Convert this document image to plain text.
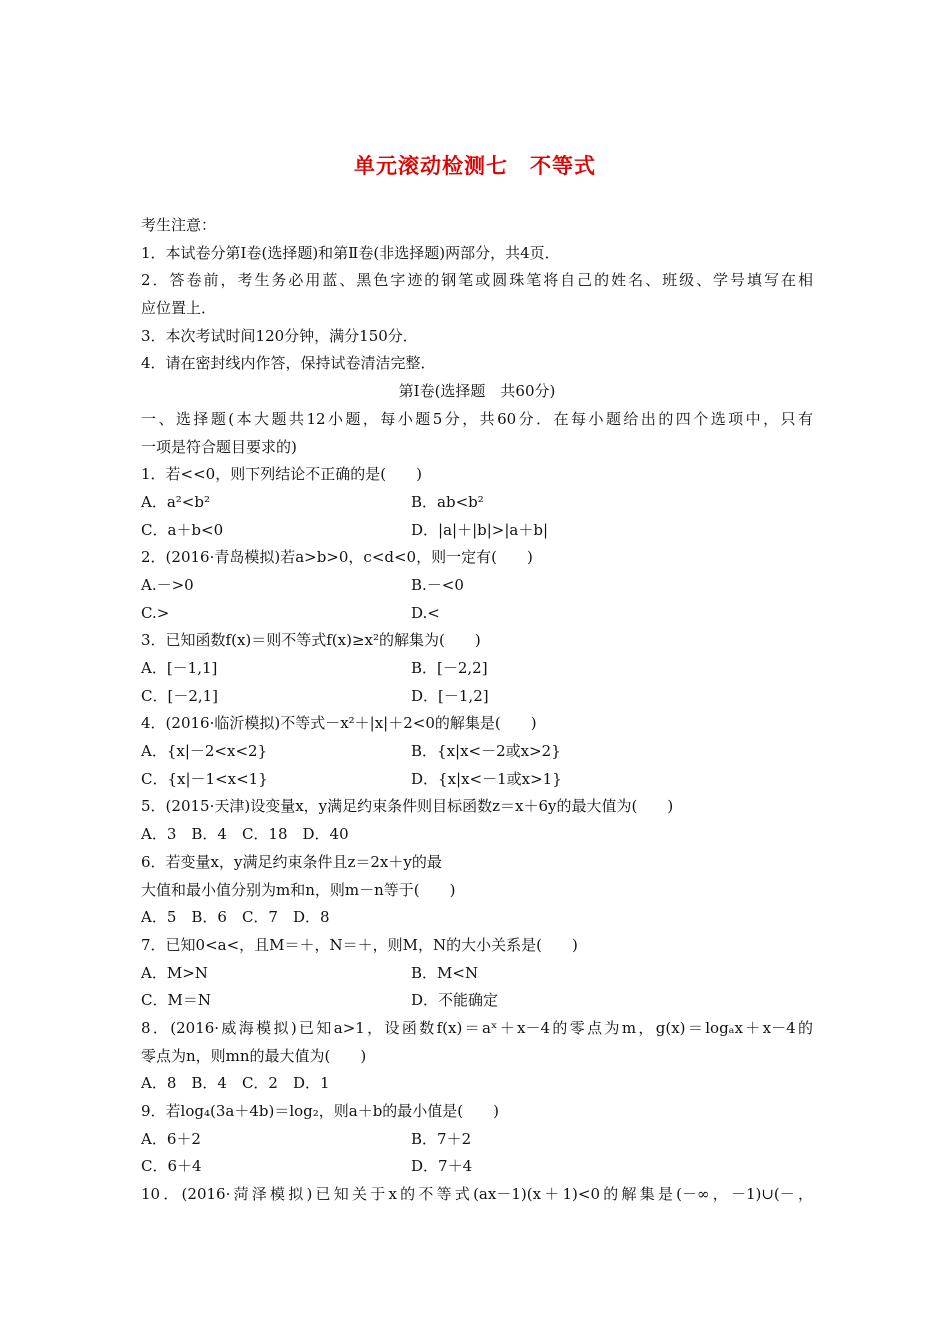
单元滚动检测七　不等式
考生注意：
1．本试卷分第Ⅰ卷(选择题)和第Ⅱ卷(非选择题)两部分，共4页．
2．答卷前，考生务必用蓝、黑色字迹的钢笔或圆珠笔将自己的姓名、班级、学号填写在相
应位置上．
3．本次考试时间120分钟，满分150分．
4．请在密封线内作答，保持试卷清洁完整．
第Ⅰ卷(选择题　共60分)
一、选择题(本大题共12小题，每小题5分，共60分．在每小题给出的四个选项中，只有
一项是符合题目要求的)
1．若<<0，则下列结论不正确的是(　　)
A．a²<b²	B．ab<b²
C．a＋b<0	D．|a|＋|b|>|a＋b|
2．(2016·青岛模拟)若a>b>0，c<d<0，则一定有(　　)
A.－>0	B.－<0
C.>	D.<
3．已知函数f(x)＝则不等式f(x)≥x²的解集为(　　)
A．[－1,1]	B．[－2,2]
C．[－2,1]	D．[－1,2]
4．(2016·临沂模拟)不等式－x²＋|x|＋2<0的解集是(　　)
A．{x|－2<x<2}	B．{x|x<－2或x>2}
C．{x|－1<x<1}	D．{x|x<－1或x>1}
5．(2015·天津)设变量x，y满足约束条件则目标函数z＝x＋6y的最大值为(　　)
A．3　B．4　C．18　D．40
6．若变量x，y满足约束条件且z＝2x＋y的最
大值和最小值分别为m和n，则m－n等于(　　)
A．5　B．6　C．7　D．8
7．已知0<a<，且M＝＋，N＝＋，则M，N的大小关系是(　　)
A．M>N	B．M<N
C．M＝N	D．不能确定
8．(2016·威海模拟)已知a>1，设函数f(x)＝aˣ＋x－4的零点为m，g(x)＝logₐx＋x－4的
零点为n，则mn的最大值为(　　)
A．8　B．4　C．2　D．1
9．若log₄(3a＋4b)＝log₂，则a＋b的最小值是(　　)
A．6＋2	B．7＋2
C．6＋4	D．7＋4
10．(2016·菏泽模拟)已知关于x的不等式(ax－1)(x＋1)<0的解集是(－∞，－1)∪(－，
